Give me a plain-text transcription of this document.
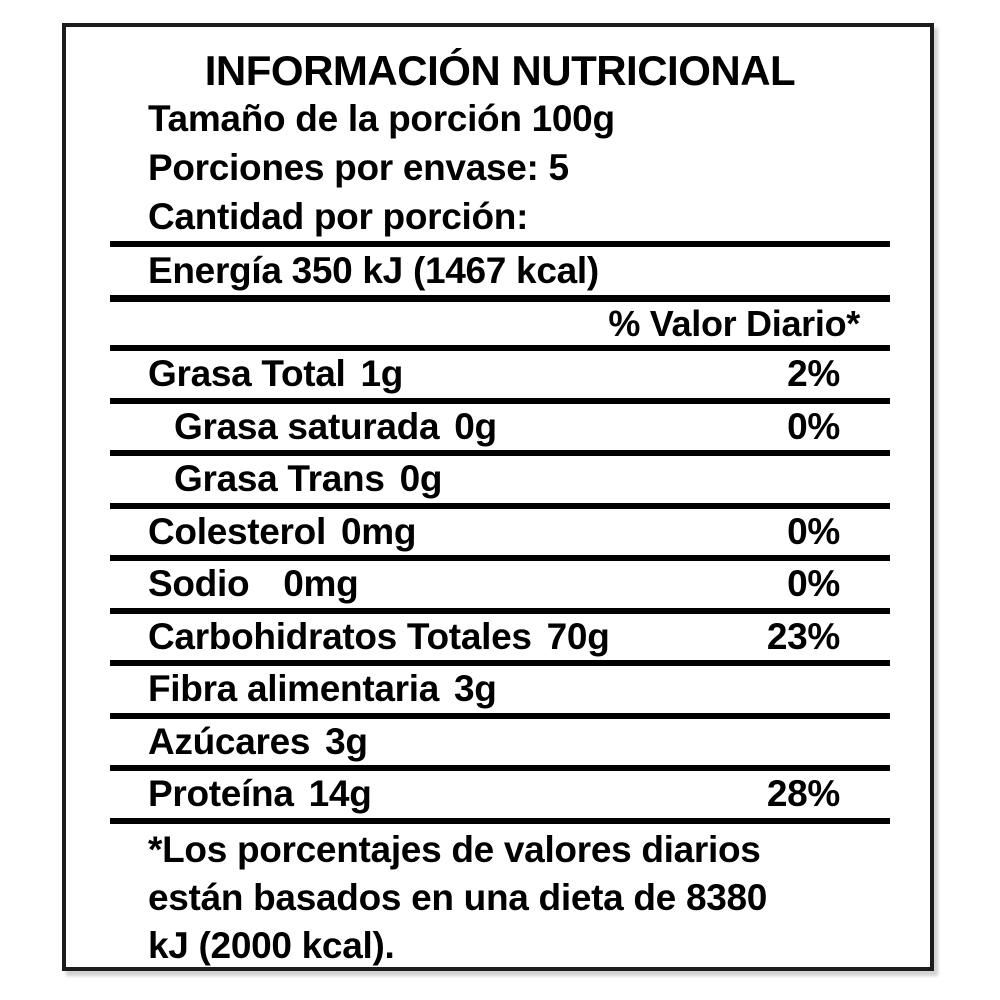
INFORMACIÓN NUTRICIONAL
Tamaño de la porción 100g
Porciones por envase: 5
Cantidad por porción:
Energía 350 kJ (1467 kcal)
% Valor Diario*
Grasa Total 1g	2%
Grasa saturada 0g	0%
Grasa Trans 0g
Colesterol 0mg	0%
Sodio 0mg	0%
Carbohidratos Totales 70g	23%
Fibra alimentaria 3g
Azúcares 3g
Proteína 14g	28%
*Los porcentajes de valores diarios
están basados en una dieta de 8380
kJ (2000 kcal).
